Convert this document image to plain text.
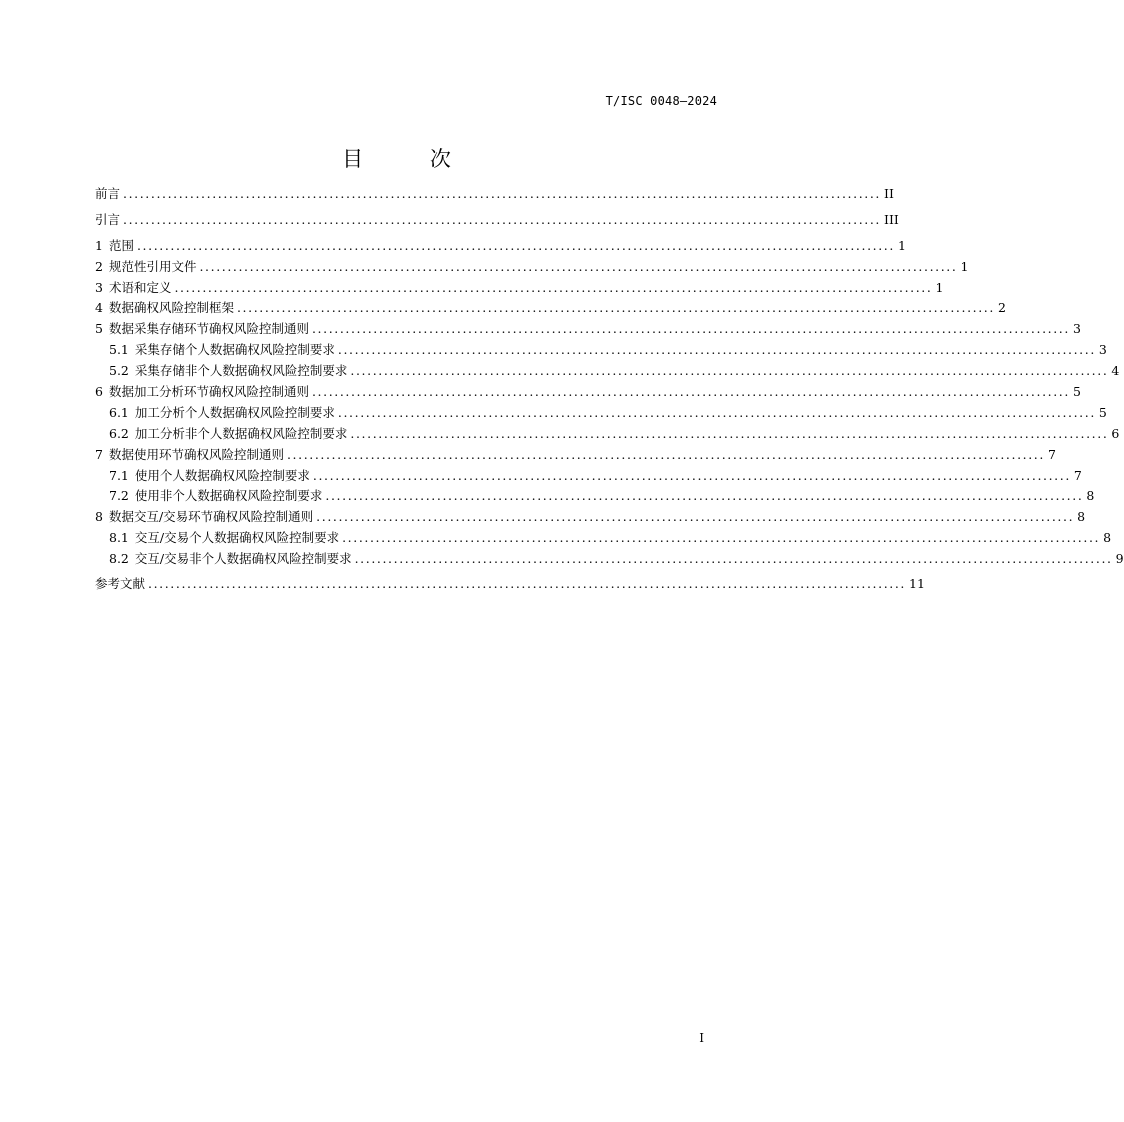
T/ISC 0048—2024
目 次
前言 ........................................................................................................................................ II
引言 ........................................................................................................................................ III
1 范围 ........................................................................................................................................ 1
2 规范性引用文件 ........................................................................................................................................ 1
3 术语和定义 ........................................................................................................................................ 1
4 数据确权风险控制框架 ........................................................................................................................................ 2
5 数据采集存储环节确权风险控制通则 ........................................................................................................................................ 3
5.1 采集存储个人数据确权风险控制要求 ........................................................................................................................................ 3
5.2 采集存储非个人数据确权风险控制要求 ........................................................................................................................................ 4
6 数据加工分析环节确权风险控制通则 ........................................................................................................................................ 5
6.1 加工分析个人数据确权风险控制要求 ........................................................................................................................................ 5
6.2 加工分析非个人数据确权风险控制要求 ........................................................................................................................................ 6
7 数据使用环节确权风险控制通则 ........................................................................................................................................ 7
7.1 使用个人数据确权风险控制要求 ........................................................................................................................................ 7
7.2 使用非个人数据确权风险控制要求 ........................................................................................................................................ 8
8 数据交互/交易环节确权风险控制通则 ........................................................................................................................................ 8
8.1 交互/交易个人数据确权风险控制要求 ........................................................................................................................................ 8
8.2 交互/交易非个人数据确权风险控制要求 ........................................................................................................................................ 9
参考文献 ........................................................................................................................................ 11
I
